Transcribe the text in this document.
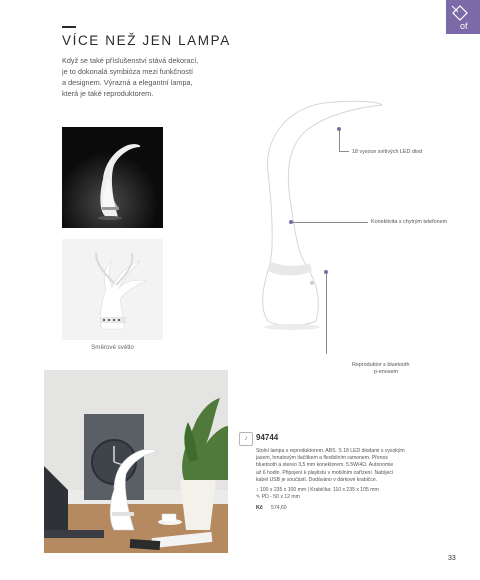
of
VÍCE NEŽ JEN LAMPA
Když se také příslušenství stává dekorací,
je to dokonalá symbióza mezi funkčností
a designem. Výrazná a elegantní lampa,
která je také reproduktorem.
Směrové světlo
18 vysoce svítivých LED diod
Konektivita s chytrým telefonem
Reproduktor s bluetooth
p-enosem
♪	94744
Stolní lampa s reproduktorem. ABS. S 18 LED diodami s vysokým
jasem, hmatovým tlačítkem a flexibilním ramenem. Přenos
bluetooth a stereo 3,5 mm konektorem. 5.5W/4Ω. Autonomie
až 6 hodin. Připojení k playlistu v mobilním zařízení. Nabíjecí
kabel USB je součástí. Dodáváno v dárkové krabičce.
↕ 100 x 235 x 100 mm | Krabička: 110 x 235 x 105 mm
✎ PD - 50 x 12 mm
Kč 574,60
33
